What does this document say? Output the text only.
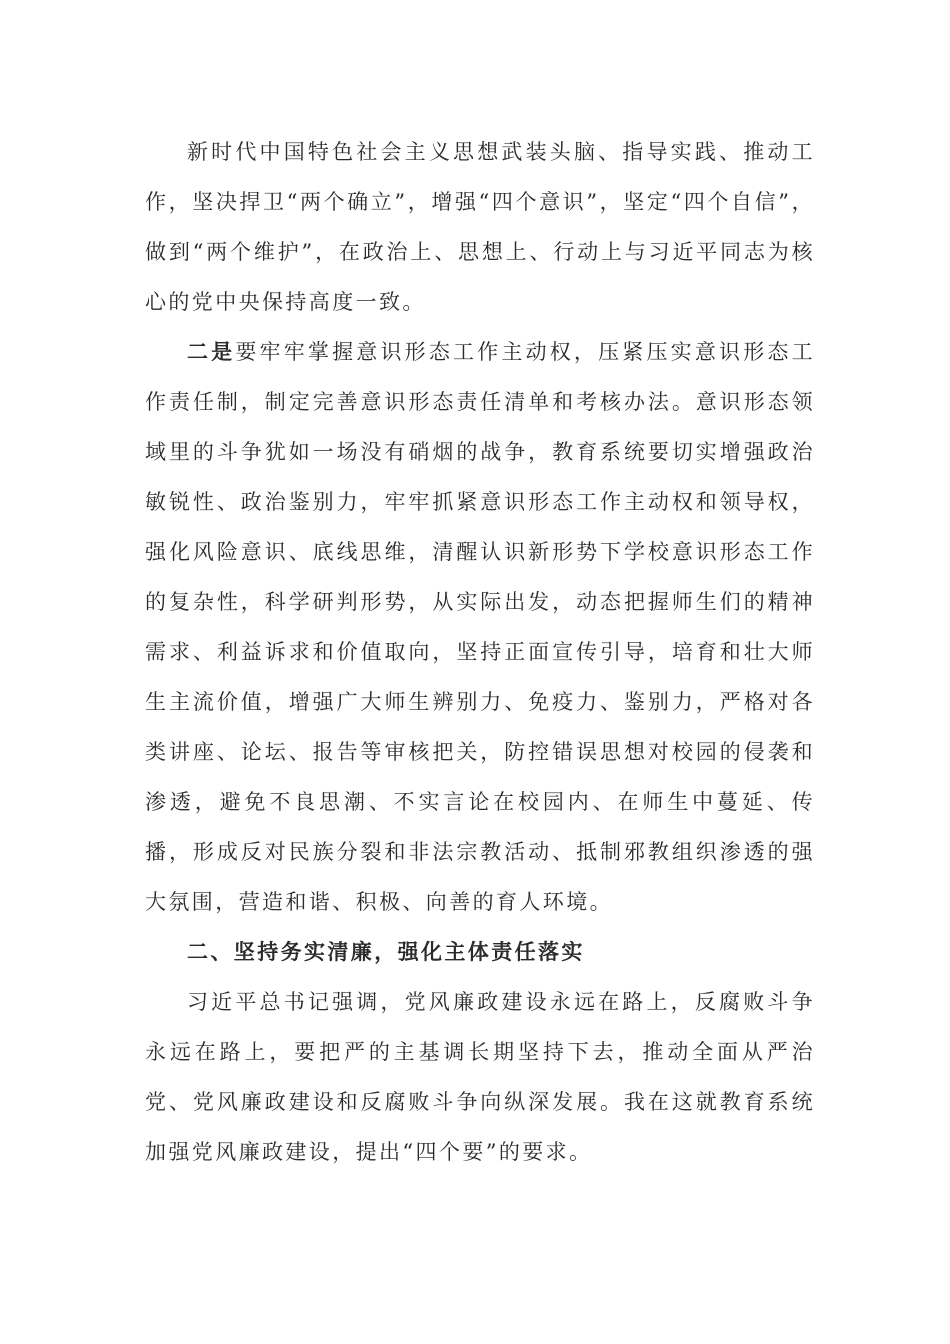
新时代中国特色社会主义思想武装头脑、指导实践、推动工作，坚决捍卫“两个确立”，增强“四个意识”，坚定“四个自信”，做到“两个维护”，在政治上、思想上、行动上与习近平同志为核心的党中央保持高度一致。

二是要牢牢掌握意识形态工作主动权，压紧压实意识形态工作责任制，制定完善意识形态责任清单和考核办法。意识形态领域里的斗争犹如一场没有硝烟的战争，教育系统要切实增强政治敏锐性、政治鉴别力，牢牢抓紧意识形态工作主动权和领导权，强化风险意识、底线思维，清醒认识新形势下学校意识形态工作的复杂性，科学研判形势，从实际出发，动态把握师生们的精神需求、利益诉求和价值取向，坚持正面宣传引导，培育和壮大师生主流价值，增强广大师生辨别力、免疫力、鉴别力，严格对各类讲座、论坛、报告等审核把关，防控错误思想对校园的侵袭和渗透，避免不良思潮、不实言论在校园内、在师生中蔓延、传播，形成反对民族分裂和非法宗教活动、抵制邪教组织渗透的强大氛围，营造和谐、积极、向善的育人环境。

二、坚持务实清廉，强化主体责任落实

习近平总书记强调，党风廉政建设永远在路上，反腐败斗争永远在路上，要把严的主基调长期坚持下去，推动全面从严治党、党风廉政建设和反腐败斗争向纵深发展。我在这就教育系统加强党风廉政建设，提出“四个要”的要求。
